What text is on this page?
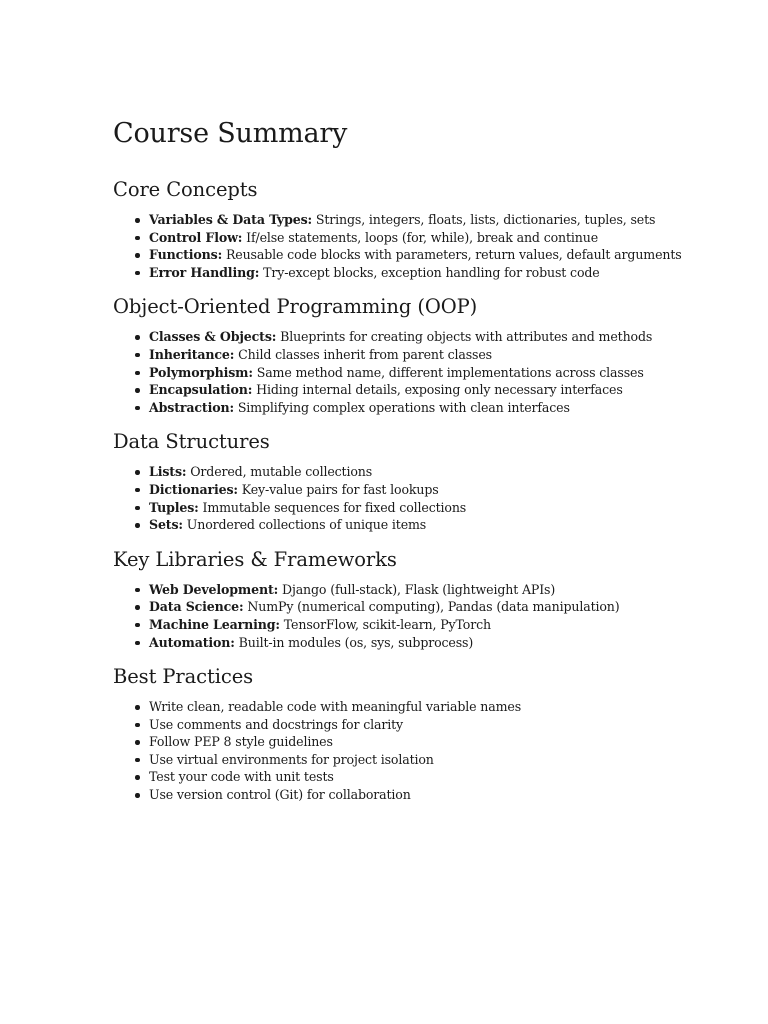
Course Summary
Core Concepts
Variables & Data Types: Strings, integers, floats, lists, dictionaries, tuples, sets
Control Flow: If/else statements, loops (for, while), break and continue
Functions: Reusable code blocks with parameters, return values, default arguments
Error Handling: Try-except blocks, exception handling for robust code
Object-Oriented Programming (OOP)
Classes & Objects: Blueprints for creating objects with attributes and methods
Inheritance: Child classes inherit from parent classes
Polymorphism: Same method name, different implementations across classes
Encapsulation: Hiding internal details, exposing only necessary interfaces
Abstraction: Simplifying complex operations with clean interfaces
Data Structures
Lists: Ordered, mutable collections
Dictionaries: Key-value pairs for fast lookups
Tuples: Immutable sequences for fixed collections
Sets: Unordered collections of unique items
Key Libraries & Frameworks
Web Development: Django (full-stack), Flask (lightweight APIs)
Data Science: NumPy (numerical computing), Pandas (data manipulation)
Machine Learning: TensorFlow, scikit-learn, PyTorch
Automation: Built-in modules (os, sys, subprocess)
Best Practices
Write clean, readable code with meaningful variable names
Use comments and docstrings for clarity
Follow PEP 8 style guidelines
Use virtual environments for project isolation
Test your code with unit tests
Use version control (Git) for collaboration
